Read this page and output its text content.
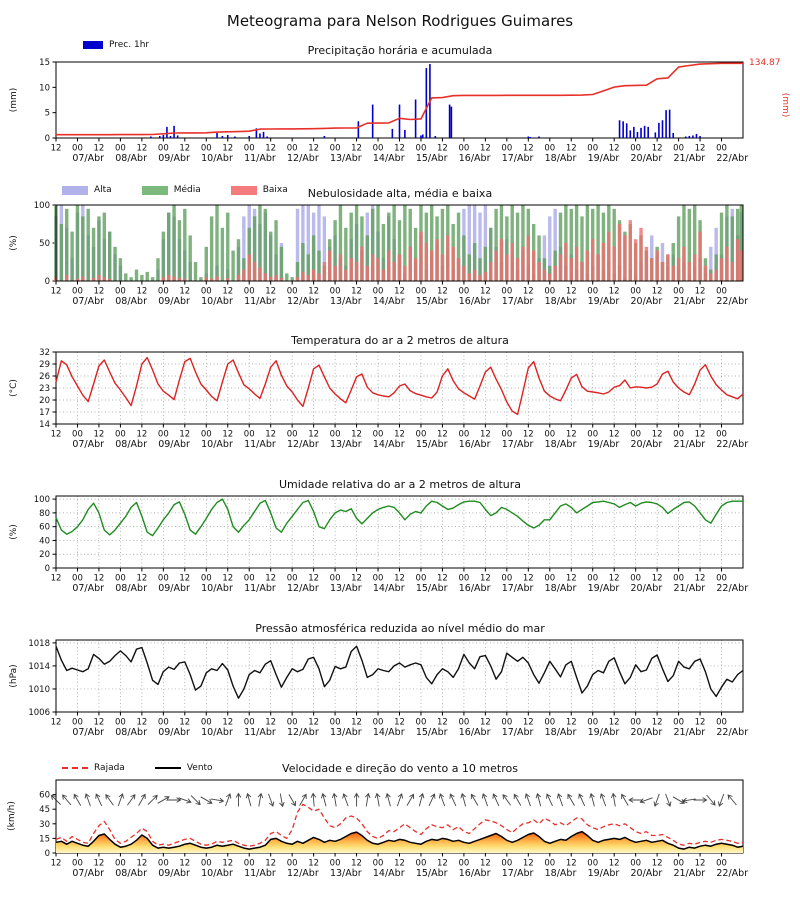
0
5
10
15
12 00 12 00 12 00 12 00 12 00 12 00 12 00 12 00 12 00 12 00 12 00 12 00 12 00 12 00 12 00 12 00
07/Abr 08/Abr 09/Abr 10/Abr 11/Abr 12/Abr 13/Abr 14/Abr 15/Abr 16/Abr 17/Abr 18/Abr 19/Abr 20/Abr 21/Abr 22/Abr
0
50
100
12 00 12 00 12 00 12 00 12 00 12 00 12 00 12 00 12 00 12 00 12 00 12 00 12 00 12 00 12 00 12 00
07/Abr 08/Abr 09/Abr 10/Abr 11/Abr 12/Abr 13/Abr 14/Abr 15/Abr 16/Abr 17/Abr 18/Abr 19/Abr 20/Abr 21/Abr 22/Abr
14
17
20
23
26
29
32
12 00 12 00 12 00 12 00 12 00 12 00 12 00 12 00 12 00 12 00 12 00 12 00 12 00 12 00 12 00 12 00
07/Abr 08/Abr 09/Abr 10/Abr 11/Abr 12/Abr 13/Abr 14/Abr 15/Abr 16/Abr 17/Abr 18/Abr 19/Abr 20/Abr 21/Abr 22/Abr
0
20
40
60
80
100
12 00 12 00 12 00 12 00 12 00 12 00 12 00 12 00 12 00 12 00 12 00 12 00 12 00 12 00 12 00 12 00
07/Abr 08/Abr 09/Abr 10/Abr 11/Abr 12/Abr 13/Abr 14/Abr 15/Abr 16/Abr 17/Abr 18/Abr 19/Abr 20/Abr 21/Abr 22/Abr
1006
1010
1014
1018
12 00 12 00 12 00 12 00 12 00 12 00 12 00 12 00 12 00 12 00 12 00 12 00 12 00 12 00 12 00 12 00
07/Abr 08/Abr 09/Abr 10/Abr 11/Abr 12/Abr 13/Abr 14/Abr 15/Abr 16/Abr 17/Abr 18/Abr 19/Abr 20/Abr 21/Abr 22/Abr
0
15
30
45
60
12 00 12 00 12 00 12 00 12 00 12 00 12 00 12 00 12 00 12 00 12 00 12 00 12 00 12 00 12 00 12 00
07/Abr 08/Abr 09/Abr 10/Abr 11/Abr 12/Abr 13/Abr 14/Abr 15/Abr 16/Abr 17/Abr 18/Abr 19/Abr 20/Abr 21/Abr 22/Abr
Meteograma para Nelson Rodrigues Guimares
Precipitação horária e acumulada
Nebulosidade alta, média e baixa
Temperatura do ar a 2 metros de altura
Umidade relativa do ar a 2 metros de altura
Pressão atmosférica reduzida ao nível médio do mar
Velocidade e direção do vento a 10 metros
Prec. 1hr
Alta	Média	Baixa
Rajada	Vento
(mm)
(%)
(°C)
(%)
(hPa)
(km/h)
(mm)
134.87
